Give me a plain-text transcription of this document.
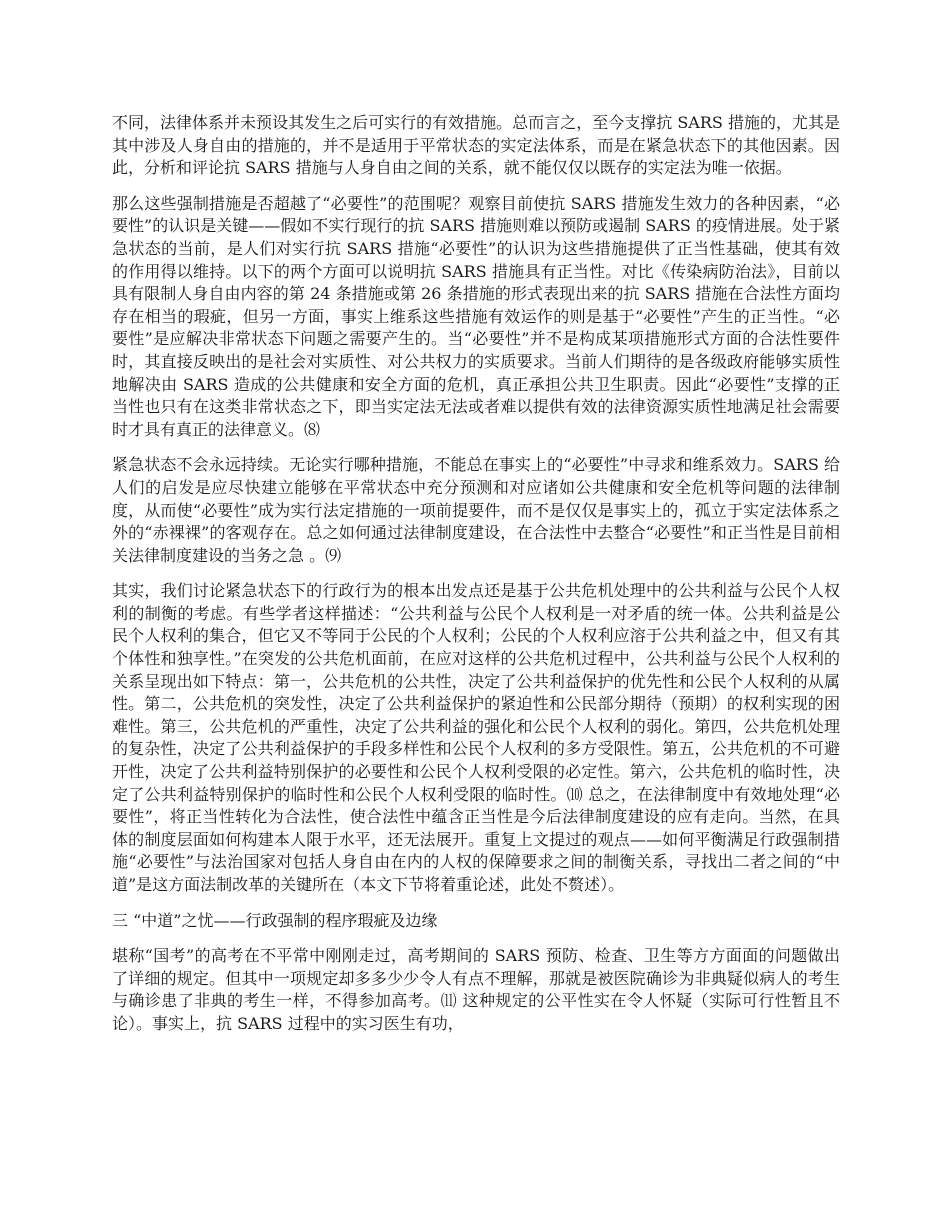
不同，法律体系并未预设其发生之后可实行的有效措施。总而言之，至今支撑抗 SARS 措施的，尤其是其中涉及人身自由的措施的，并不是适用于平常状态的实定法体系，而是在紧急状态下的其他因素。因此，分析和评论抗 SARS 措施与人身自由之间的关系，就不能仅仅以既存的实定法为唯一依据。

那么这些强制措施是否超越了“必要性”的范围呢？观察目前使抗 SARS 措施发生效力的各种因素，“必要性”的认识是关键——假如不实行现行的抗 SARS 措施则难以预防或遏制 SARS 的疫情进展。处于紧急状态的当前，是人们对实行抗 SARS 措施“必要性”的认识为这些措施提供了正当性基础，使其有效的作用得以维持。以下的两个方面可以说明抗 SARS 措施具有正当性。对比《传染病防治法》，目前以具有限制人身自由内容的第 24 条措施或第 26 条措施的形式表现出来的抗 SARS 措施在合法性方面均存在相当的瑕疵，但另一方面，事实上维系这些措施有效运作的则是基于“必要性”产生的正当性。“必要性”是应解决非常状态下问题之需要产生的。当“必要性”并不是构成某项措施形式方面的合法性要件时，其直接反映出的是社会对实质性、对公共权力的实质要求。当前人们期待的是各级政府能够实质性地解决由 SARS 造成的公共健康和安全方面的危机，真正承担公共卫生职责。因此“必要性”支撑的正当性也只有在这类非常状态之下，即当实定法无法或者难以提供有效的法律资源实质性地满足社会需要时才具有真正的法律意义。⑻

紧急状态不会永远持续。无论实行哪种措施，不能总在事实上的“必要性”中寻求和维系效力。SARS 给人们的启发是应尽快建立能够在平常状态中充分预测和对应诸如公共健康和安全危机等问题的法律制度，从而使“必要性”成为实行法定措施的一项前提要件，而不是仅仅是事实上的，孤立于实定法体系之外的“赤裸裸”的客观存在。总之如何通过法律制度建设，在合法性中去整合“必要性”和正当性是目前相关法律制度建设的当务之急 。⑼

其实，我们讨论紧急状态下的行政行为的根本出发点还是基于公共危机处理中的公共利益与公民个人权利的制衡的考虑。有些学者这样描述：“公共利益与公民个人权利是一对矛盾的统一体。公共利益是公民个人权利的集合，但它又不等同于公民的个人权利；公民的个人权利应溶于公共利益之中，但又有其个体性和独享性。”在突发的公共危机面前，在应对这样的公共危机过程中，公共利益与公民个人权利的关系呈现出如下特点：第一，公共危机的公共性，决定了公共利益保护的优先性和公民个人权利的从属性。第二，公共危机的突发性，决定了公共利益保护的紧迫性和公民部分期待（预期）的权利实现的困难性。第三，公共危机的严重性，决定了公共利益的强化和公民个人权利的弱化。第四，公共危机处理的复杂性，决定了公共利益保护的手段多样性和公民个人权利的多方受限性。第五，公共危机的不可避开性，决定了公共利益特别保护的必要性和公民个人权利受限的必定性。第六，公共危机的临时性，决定了公共利益特别保护的临时性和公民个人权利受限的临时性。⑽ 总之，在法律制度中有效地处理“必要性”，将正当性转化为合法性，使合法性中蕴含正当性是今后法律制度建设的应有走向。当然，在具体的制度层面如何构建本人限于水平，还无法展开。重复上文提过的观点——如何平衡满足行政强制措施“必要性”与法治国家对包括人身自由在内的人权的保障要求之间的制衡关系，寻找出二者之间的“中道”是这方面法制改革的关键所在（本文下节将着重论述，此处不赘述）。

三 “中道”之忧——行政强制的程序瑕疵及边缘

堪称“国考”的高考在不平常中刚刚走过，高考期间的 SARS 预防、检查、卫生等方方面面的问题做出了详细的规定。但其中一项规定却多多少少令人有点不理解，那就是被医院确诊为非典疑似病人的考生与确诊患了非典的考生一样，不得参加高考。⑾ 这种规定的公平性实在令人怀疑（实际可行性暂且不论）。事实上，抗 SARS 过程中的实习医生有功，
